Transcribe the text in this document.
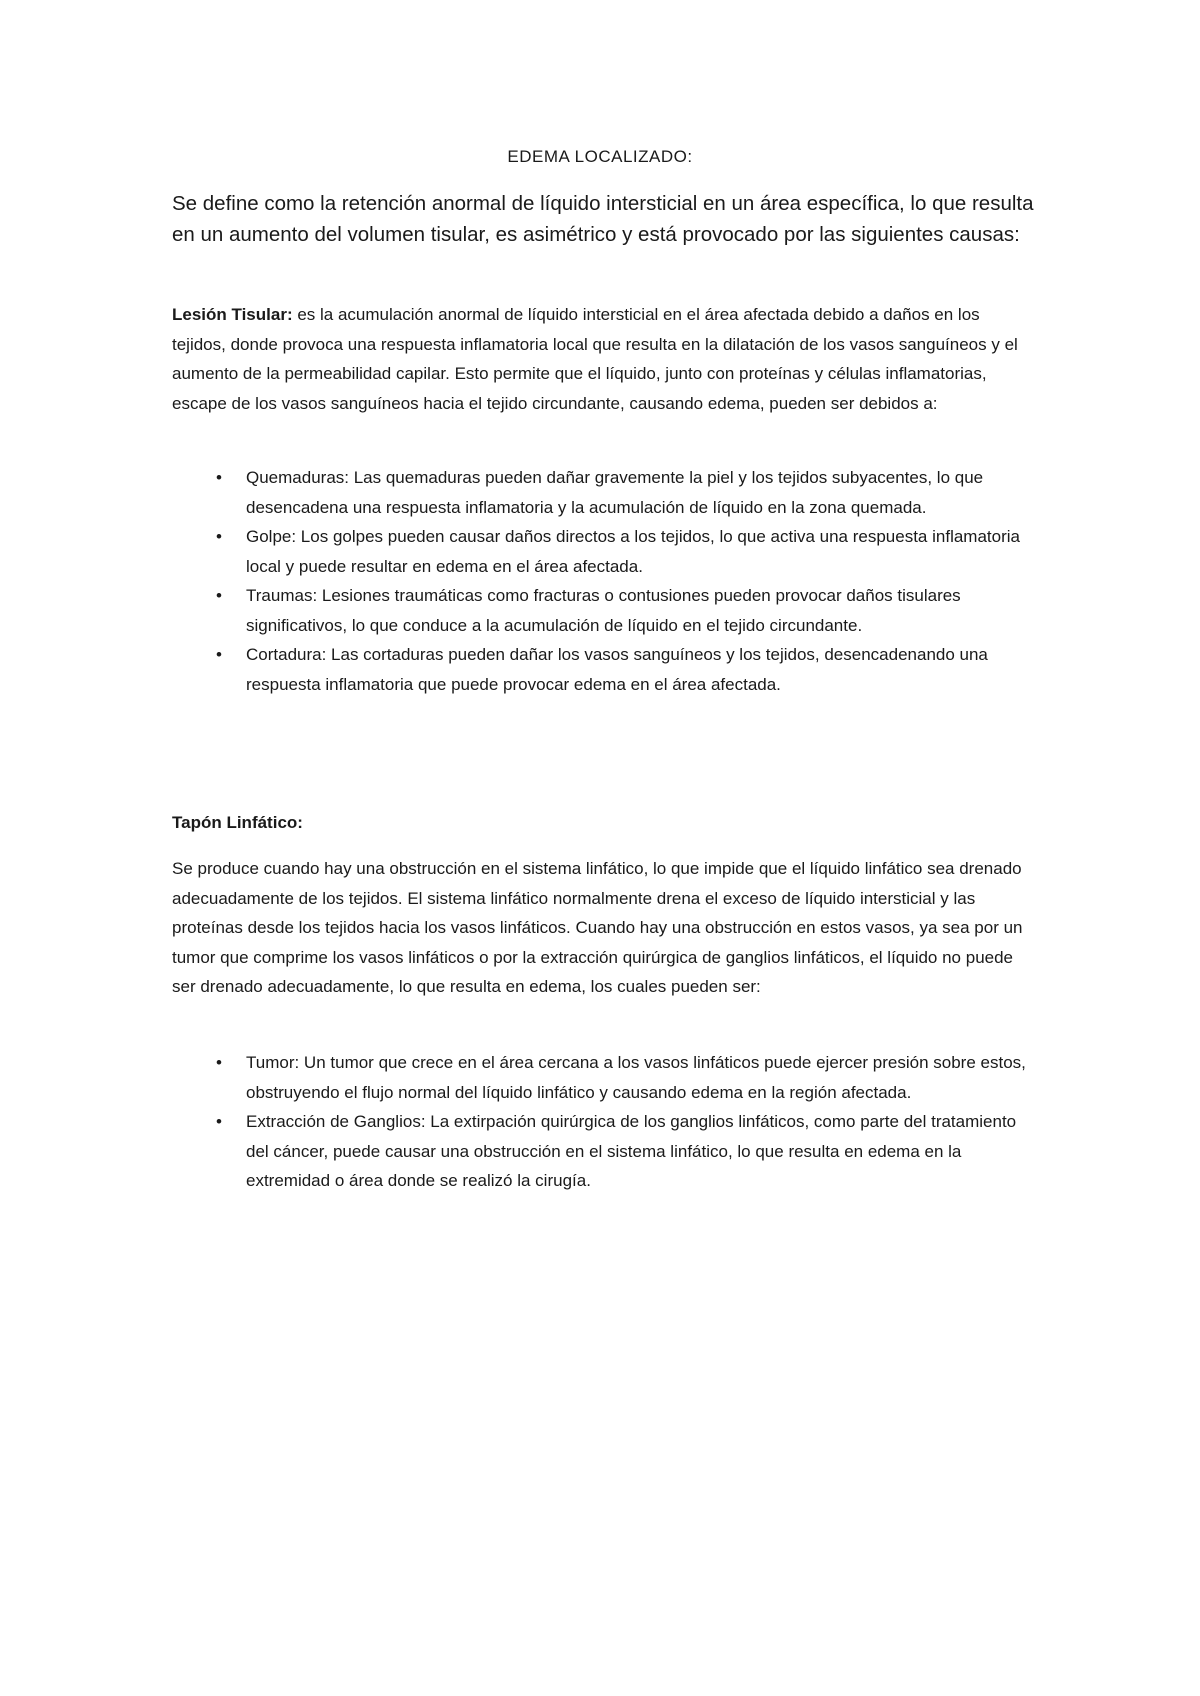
EDEMA LOCALIZADO:
Se define como la retención anormal de líquido intersticial en un área específica, lo que resulta en un aumento del volumen tisular, es asimétrico y está provocado por las siguientes causas:
Lesión Tisular: es la acumulación anormal de líquido intersticial en el área afectada debido a daños en los tejidos, donde provoca una respuesta inflamatoria local que resulta en la dilatación de los vasos sanguíneos y el aumento de la permeabilidad capilar. Esto permite que el líquido, junto con proteínas y células inflamatorias, escape de los vasos sanguíneos hacia el tejido circundante, causando edema, pueden ser debidos a:
• Quemaduras: Las quemaduras pueden dañar gravemente la piel y los tejidos subyacentes, lo que desencadena una respuesta inflamatoria y la acumulación de líquido en la zona quemada.
• Golpe: Los golpes pueden causar daños directos a los tejidos, lo que activa una respuesta inflamatoria local y puede resultar en edema en el área afectada.
• Traumas: Lesiones traumáticas como fracturas o contusiones pueden provocar daños tisulares significativos, lo que conduce a la acumulación de líquido en el tejido circundante.
• Cortadura: Las cortaduras pueden dañar los vasos sanguíneos y los tejidos, desencadenando una respuesta inflamatoria que puede provocar edema en el área afectada.
Tapón Linfático:
Se produce cuando hay una obstrucción en el sistema linfático, lo que impide que el líquido linfático sea drenado adecuadamente de los tejidos. El sistema linfático normalmente drena el exceso de líquido intersticial y las proteínas desde los tejidos hacia los vasos linfáticos. Cuando hay una obstrucción en estos vasos, ya sea por un tumor que comprime los vasos linfáticos o por la extracción quirúrgica de ganglios linfáticos, el líquido no puede ser drenado adecuadamente, lo que resulta en edema, los cuales pueden ser:
• Tumor: Un tumor que crece en el área cercana a los vasos linfáticos puede ejercer presión sobre estos, obstruyendo el flujo normal del líquido linfático y causando edema en la región afectada.
• Extracción de Ganglios: La extirpación quirúrgica de los ganglios linfáticos, como parte del tratamiento del cáncer, puede causar una obstrucción en el sistema linfático, lo que resulta en edema en la extremidad o área donde se realizó la cirugía.
